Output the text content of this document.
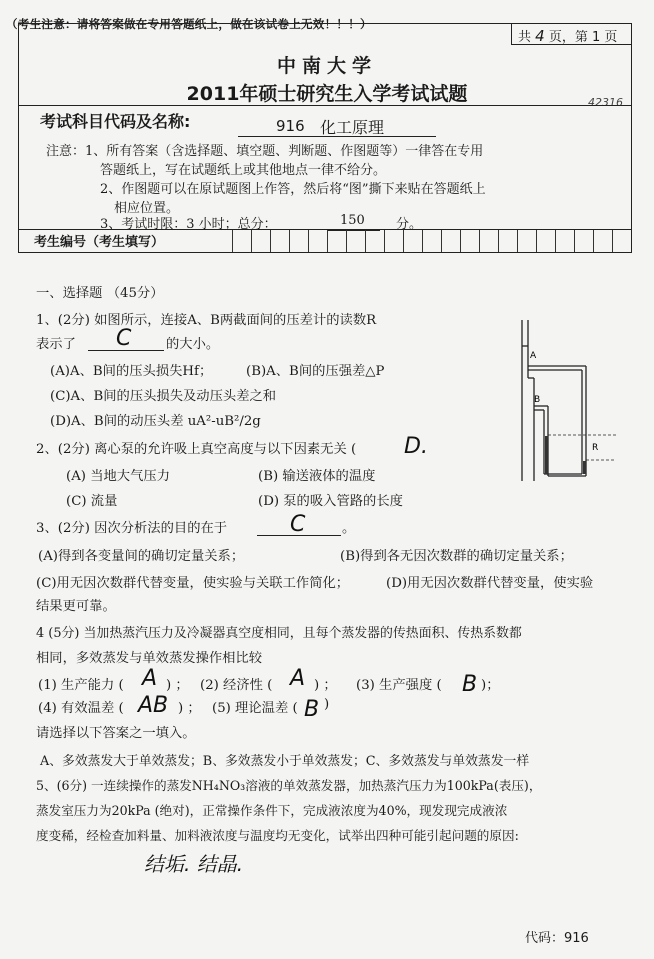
（考生注意：请将答案做在专用答题纸上，做在该试卷上无效！！！）
共 4 页，第 1 页
中南大学
2011年硕士研究生入学考试试题	42316
考试科目代码及名称:	916 化工原理
注意：1、所有答案（含选择题、填空题、判断题、作图题等）一律答在专用
答题纸上，写在试题纸上或其他地点一律不给分。
2、作图题可以在原试题图上作答，然后将“图”撕下来贴在答题纸上
相应位置。
3、考试时限：3 小时；总分：	150 分。
考生编号（考生填写）
一、选择题 （45分）
1、(2分) 如图所示，连接A、B两截面间的压差计的读数R
表示了 C	的大小。
(A)A、B间的压头损失Hf；	(B)A、B间的压强差△P
(C)A、B间的压头损失及动压头差之和
(D)A、B间的动压头差 uA²-uB²/2g
A
B
R
2、(2分) 离心泵的允许吸上真空高度与以下因素无关 ( D.
(A) 当地大气压力	(B) 输送液体的温度
(C) 流量	(D) 泵的吸入管路的长度
3、(2分) 因次分析法的目的在于	C	。
(A)得到各变量间的确切定量关系；	(B)得到各无因次数群的确切定量关系；
(C)用无因次数群代替变量，使实验与关联工作简化；	(D)用无因次数群代替变量，使实验
结果更可靠。
4 (5分) 当加热蒸汽压力及冷凝器真空度相同，且每个蒸发器的传热面积、传热系数都
相同，多效蒸发与单效蒸发操作相比较
(1) 生产能力 ( A ) ； (2) 经济性 ( A ) ； (3) 生产强度 ( B )；
(4) 有效温差 ( AB ) ； (5) 理论温差 ( B )
请选择以下答案之一填入。
A、多效蒸发大于单效蒸发；B、多效蒸发小于单效蒸发；C、多效蒸发与单效蒸发一样
5、(6分) 一连续操作的蒸发NH₄NO₃溶液的单效蒸发器，加热蒸汽压力为100kPa(表压)，
蒸发室压力为20kPa (绝对)，正常操作条件下，完成液浓度为40%，现发现完成液浓
度变稀，经检查加料量、加料液浓度与温度均无变化，试举出四种可能引起问题的原因:
结垢. 结晶.
代码：916
